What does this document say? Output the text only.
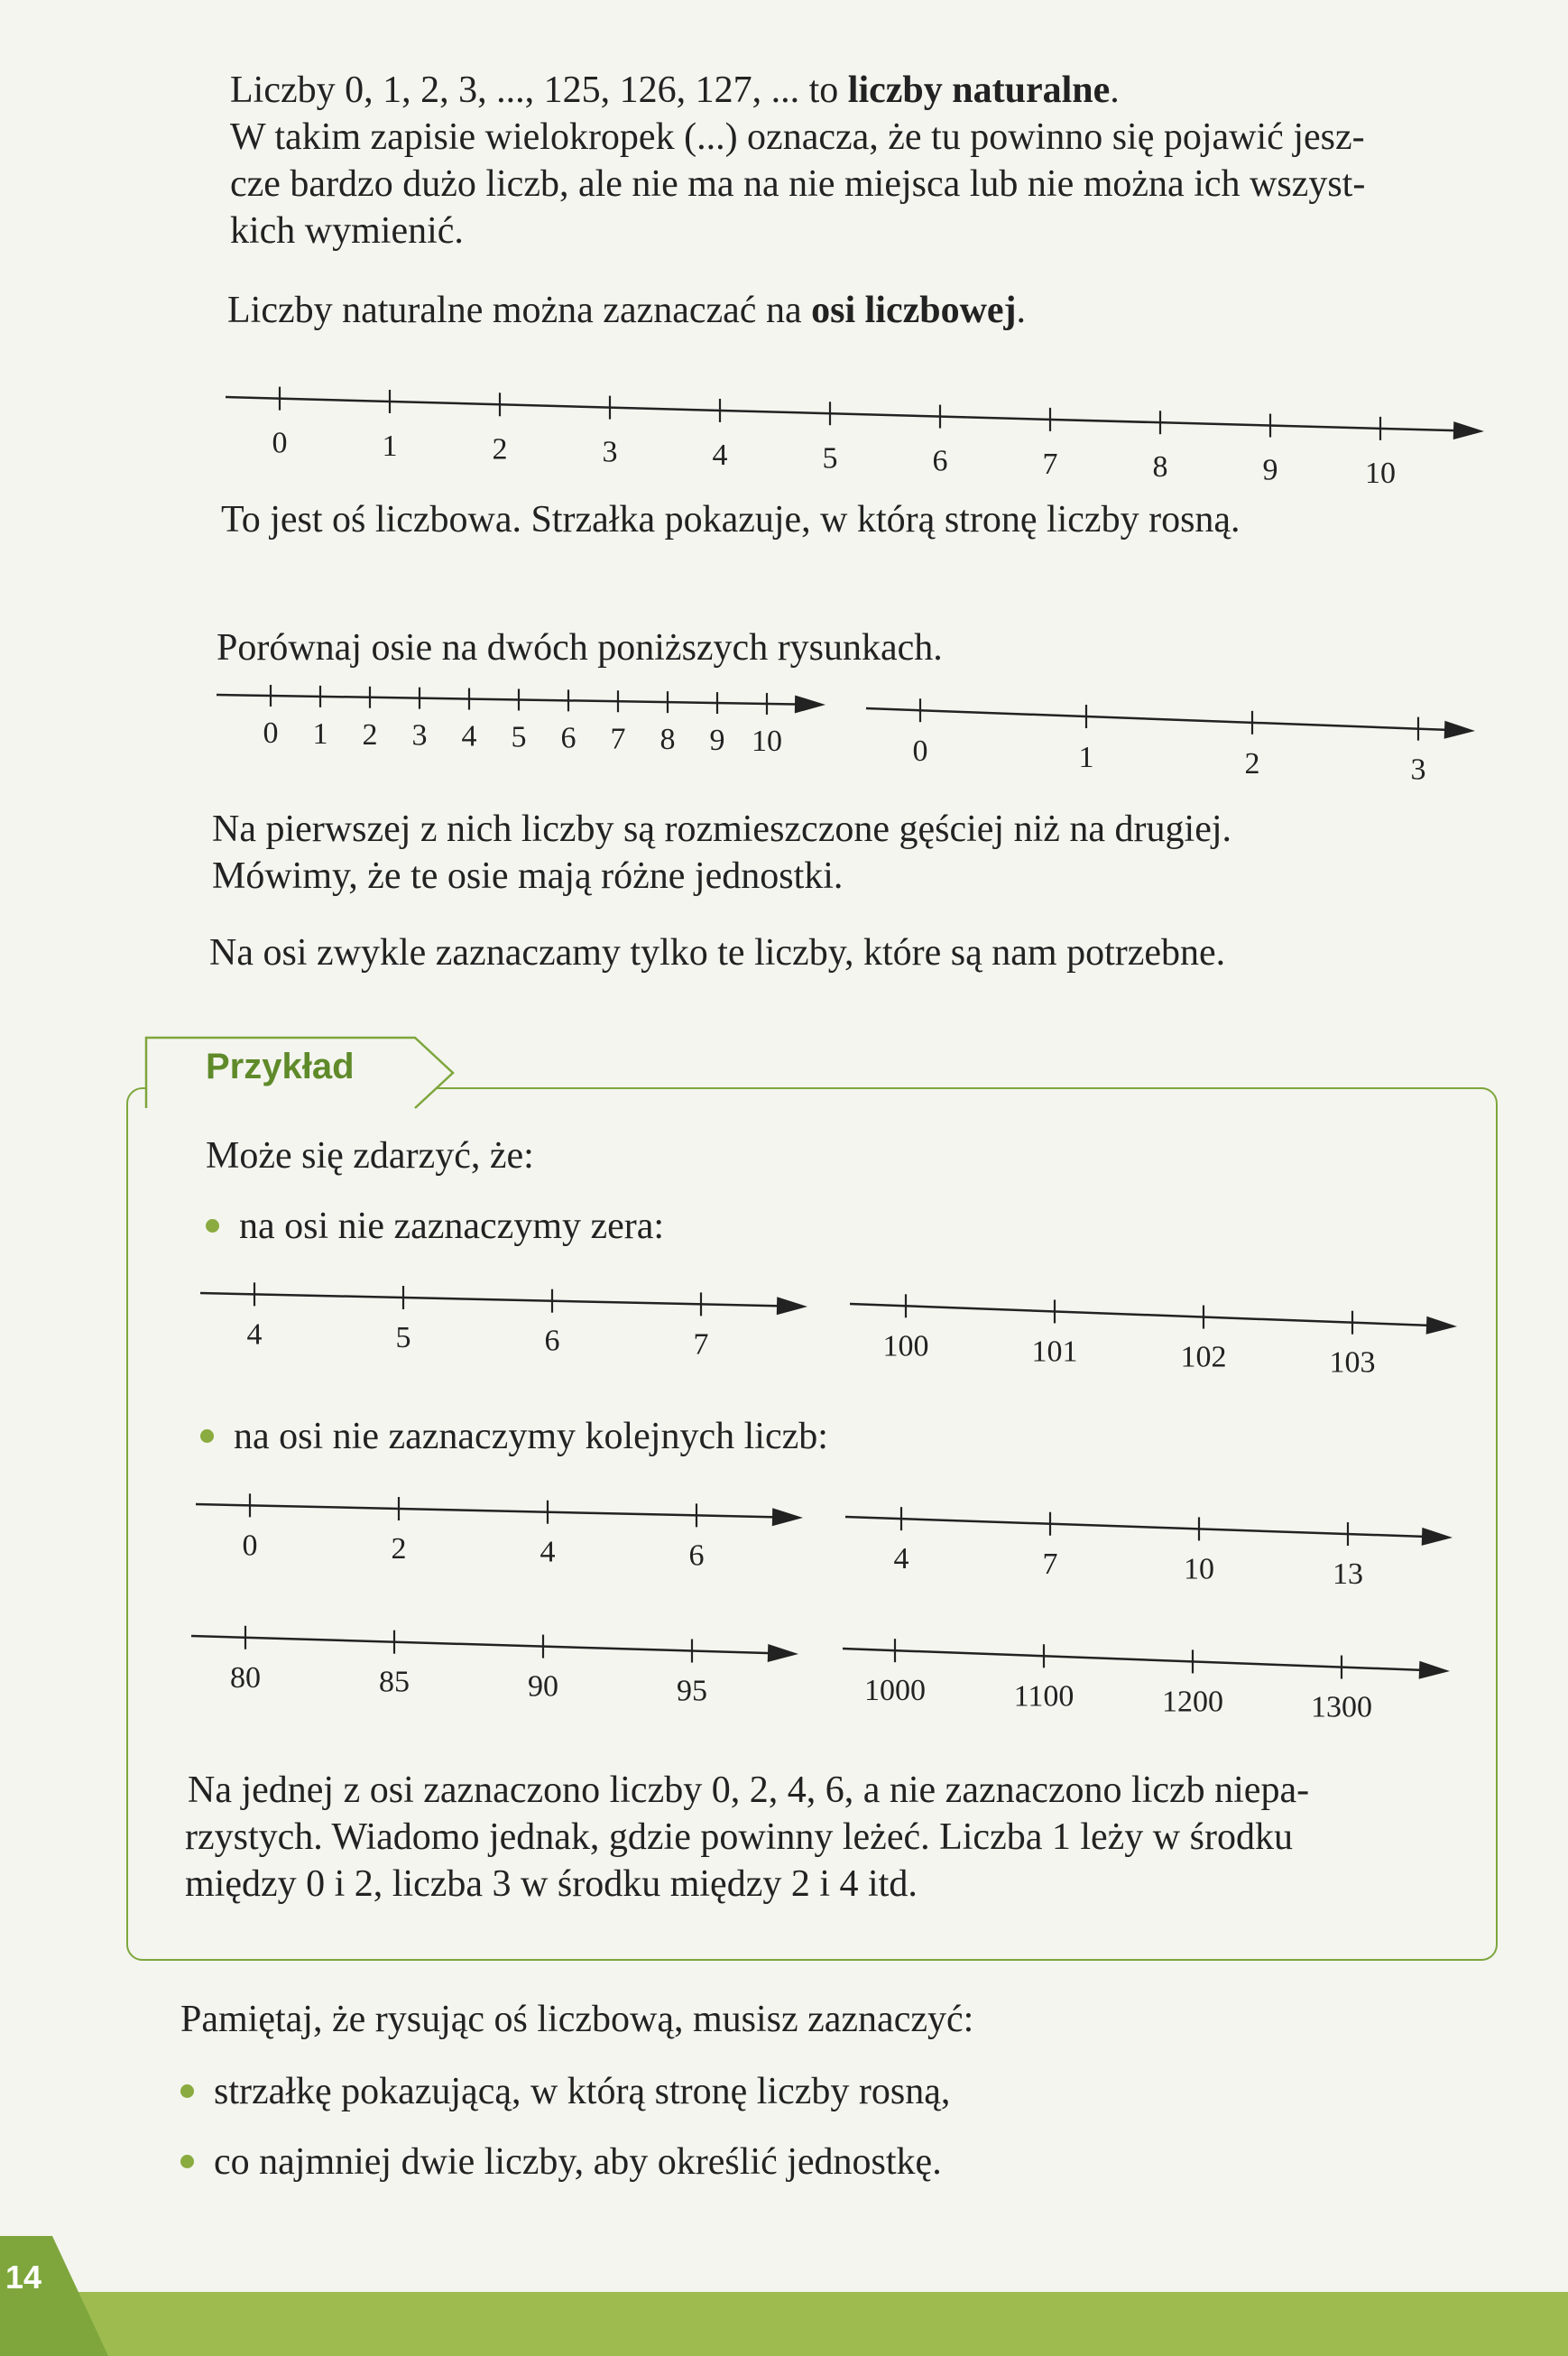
Liczby 0, 1, 2, 3, ..., 125, 126, 127, ... to liczby naturalne.

W takim zapisie wielokropek (...) oznacza, że tu powinno się pojawić jesz-

cze bardzo dużo liczb, ale nie ma na nie miejsca lub nie można ich wszyst-

kich wymienić.

Liczby naturalne można zaznaczać na osi liczbowej.

0	1	2	3	4	5	6	7	8	9	10

To jest oś liczbowa. Strzałka pokazuje, w którą stronę liczby rosną.

Porównaj osie na dwóch poniższych rysunkach.

0 1 2 3 4 5 6 7 8 9 10	0	1	2	3

Na pierwszej z nich liczby są rozmieszczone gęściej niż na drugiej.

Mówimy, że te osie mają różne jednostki.

Na osi zwykle zaznaczamy tylko te liczby, które są nam potrzebne.

Przykład

Może się zdarzyć, że:

na osi nie zaznaczymy zera:

4	5	6	7	100	101	102	103

na osi nie zaznaczymy kolejnych liczb:

0	2	4	6	4	7	10	13
80	85	90	95	1000	1100	1200	1300

Na jednej z osi zaznaczono liczby 0, 2, 4, 6, a nie zaznaczono liczb niepa-

rzystych. Wiadomo jednak, gdzie powinny leżeć. Liczba 1 leży w środku

między 0 i 2, liczba 3 w środku między 2 i 4 itd.

Pamiętaj, że rysując oś liczbową, musisz zaznaczyć:

strzałkę pokazującą, w którą stronę liczby rosną,

co najmniej dwie liczby, aby określić jednostkę.

14
